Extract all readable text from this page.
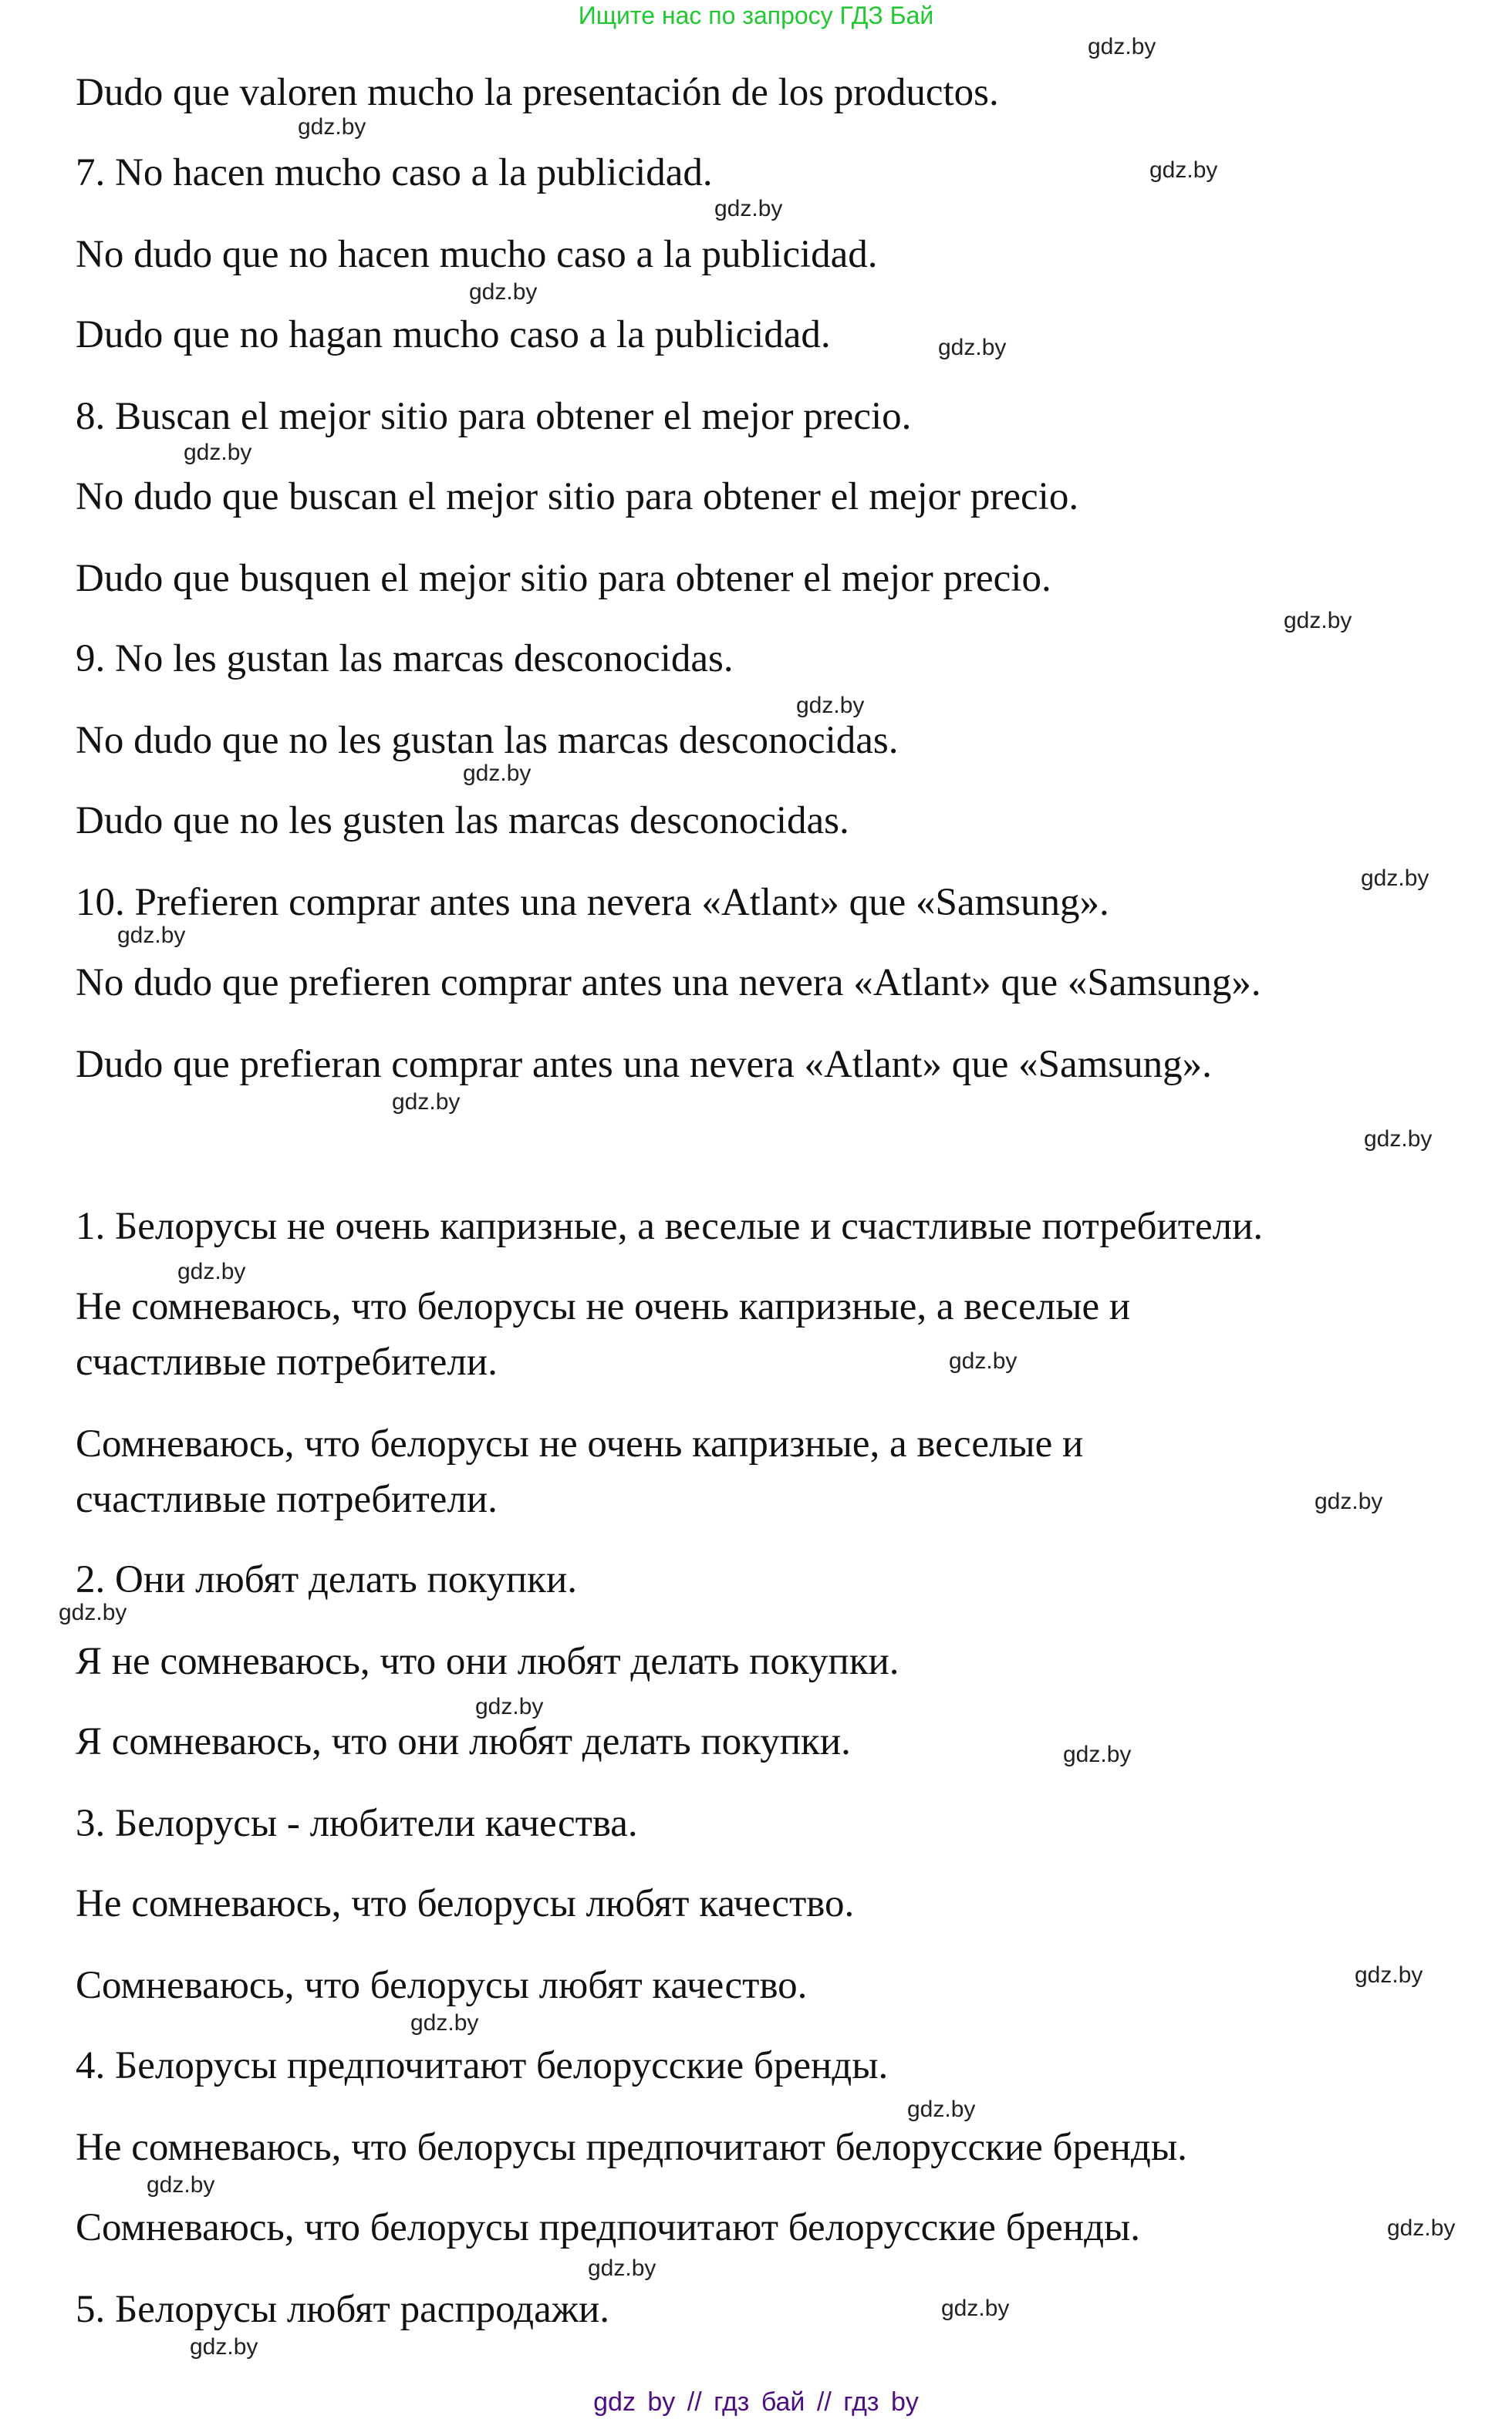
Ищите нас по запросу ГДЗ Бай
Dudo que valoren mucho la presentación de los productos.
7. No hacen mucho caso a la publicidad.
No dudo que no hacen mucho caso a la publicidad.
Dudo que no hagan mucho caso a la publicidad.
8. Buscan el mejor sitio para obtener el mejor precio.
No dudo que buscan el mejor sitio para obtener el mejor precio.
Dudo que busquen el mejor sitio para obtener el mejor precio.
9. No les gustan las marcas desconocidas.
No dudo que no les gustan las marcas desconocidas.
Dudo que no les gusten las marcas desconocidas.
10. Prefieren comprar antes una nevera «Atlant» que «Samsung».
No dudo que prefieren comprar antes una nevera «Atlant» que «Samsung».
Dudo que prefieran comprar antes una nevera «Atlant» que «Samsung».
1. Белорусы не очень капризные, а веселые и счастливые потребители.
Не сомневаюсь, что белорусы не очень капризные, а веселые и
счастливые потребители.
Сомневаюсь, что белорусы не очень капризные, а веселые и
счастливые потребители.
2. Они любят делать покупки.
Я не сомневаюсь, что они любят делать покупки.
Я сомневаюсь, что они любят делать покупки.
3. Белорусы - любители качества.
Не сомневаюсь, что белорусы любят качество.
Сомневаюсь, что белорусы любят качество.
4. Белорусы предпочитают белорусские бренды.
Не сомневаюсь, что белорусы предпочитают белорусские бренды.
Сомневаюсь, что белорусы предпочитают белорусские бренды.
5. Белорусы любят распродажи.
gdz.by
gdz.by
gdz.by
gdz.by
gdz.by
gdz.by
gdz.by
gdz.by
gdz.by
gdz.by
gdz.by
gdz.by
gdz.by
gdz.by
gdz.by
gdz.by
gdz.by
gdz.by
gdz.by
gdz.by
gdz.by
gdz.by
gdz.by
gdz.by
gdz.by
gdz.by
gdz.by
gdz.by
gdz by // гдз бай // гдз by
